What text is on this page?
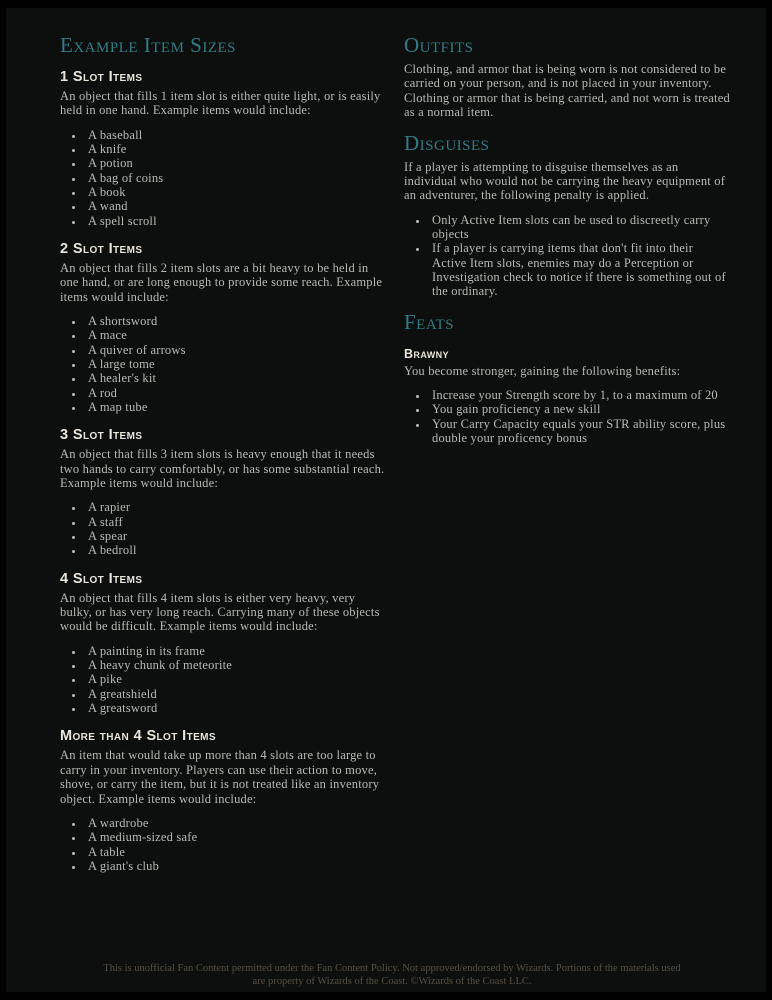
Example Item Sizes
1 Slot Items

An object that fills 1 item slot is either quite light, or is easily held in one hand. Example items would include:

• A baseball
• A knife
• A potion
• A bag of coins
• A book
• A wand
• A spell scroll
2 Slot Items

An object that fills 2 item slots are a bit heavy to be held in one hand, or are long enough to provide some reach. Example items would include:

• A shortsword
• A mace
• A quiver of arrows
• A large tome
• A healer's kit
• A rod
• A map tube
3 Slot Items

An object that fills 3 item slots is heavy enough that it needs two hands to carry comfortably, or has some substantial reach. Example items would include:

• A rapier
• A staff
• A spear
• A bedroll
4 Slot Items

An object that fills 4 item slots is either very heavy, very bulky, or has very long reach. Carrying many of these objects would be difficult. Example items would include:

• A painting in its frame
• A heavy chunk of meteorite
• A pike
• A greatshield
• A greatsword
More than 4 Slot Items

An item that would take up more than 4 slots are too large to carry in your inventory. Players can use their action to move, shove, or carry the item, but it is not treated like an inventory object. Example items would include:

• A wardrobe
• A medium-sized safe
• A table
• A giant's club
Outfits

Clothing, and armor that is being worn is not considered to be carried on your person, and is not placed in your inventory. Clothing or armor that is being carried, and not worn is treated as a normal item.

Disguises

If a player is attempting to disguise themselves as an individual who would not be carrying the heavy equipment of an adventurer, the following penalty is applied.

• Only Active Item slots can be used to discreetly carry objects
• If a player is carrying items that don't fit into their Active Item slots, enemies may do a Perception or Investigation check to notice if there is something out of the ordinary.
Feats
Brawny

You become stronger, gaining the following benefits:

• Increase your Strength score by 1, to a maximum of 20
• You gain proficiency a new skill
• Your Carry Capacity equals your STR ability score, plus double your proficency bonus
This is unofficial Fan Content permitted under the Fan Content Policy. Not approved/endorsed by Wizards. Portions of the materials used
are property of Wizards of the Coast. ©Wizards of the Coast LLC.
